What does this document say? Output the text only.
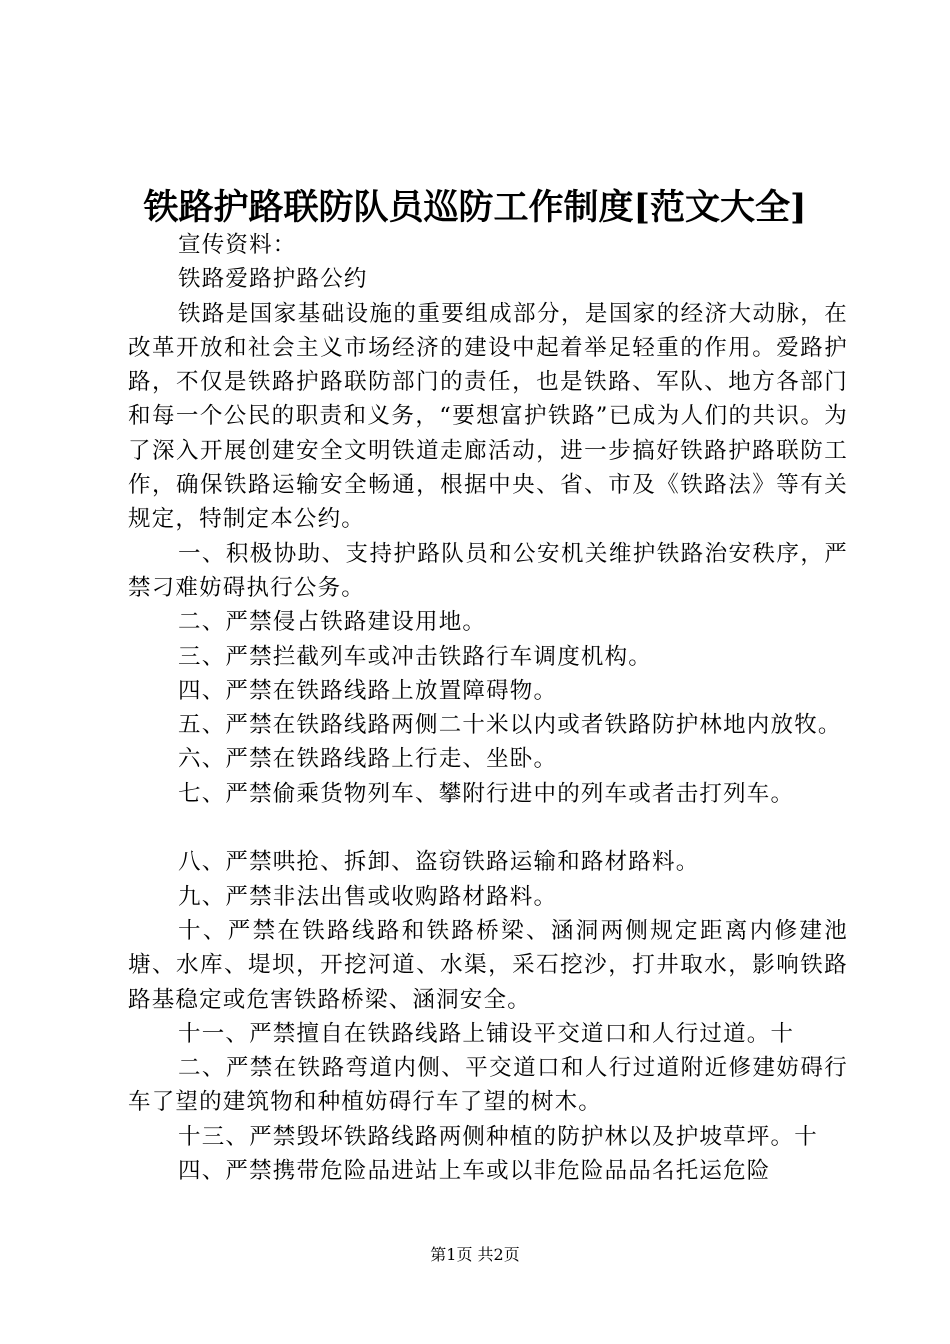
铁路护路联防队员巡防工作制度[范文大全]

宣传资料：

铁路爱路护路公约

铁路是国家基础设施的重要组成部分，是国家的经济大动脉，在改革开放和社会主义市场经济的建设中起着举足轻重的作用。爱路护路，不仅是铁路护路联防部门的责任，也是铁路、军队、地方各部门和每一个公民的职责和义务，“要想富护铁路”已成为人们的共识。为了深入开展创建安全文明铁道走廊活动，进一步搞好铁路护路联防工作，确保铁路运输安全畅通，根据中央、省、市及《铁路法》等有关规定，特制定本公约。

一、积极协助、支持护路队员和公安机关维护铁路治安秩序，严禁刁难妨碍执行公务。

二、严禁侵占铁路建设用地。

三、严禁拦截列车或冲击铁路行车调度机构。

四、严禁在铁路线路上放置障碍物。

五、严禁在铁路线路两侧二十米以内或者铁路防护林地内放牧。

六、严禁在铁路线路上行走、坐卧。

七、严禁偷乘货物列车、攀附行进中的列车或者击打列车。

八、严禁哄抢、拆卸、盗窃铁路运输和路材路料。

九、严禁非法出售或收购路材路料。

十、严禁在铁路线路和铁路桥梁、涵洞两侧规定距离内修建池塘、水库、堤坝，开挖河道、水渠，采石挖沙，打井取水，影响铁路路基稳定或危害铁路桥梁、涵洞安全。

十一、严禁擅自在铁路线路上铺设平交道口和人行过道。十

二、严禁在铁路弯道内侧、平交道口和人行过道附近修建妨碍行车了望的建筑物和种植妨碍行车了望的树木。

十三、严禁毁坏铁路线路两侧种植的防护林以及护坡草坪。十

四、严禁携带危险品进站上车或以非危险品品名托运危险

第1页 共2页
